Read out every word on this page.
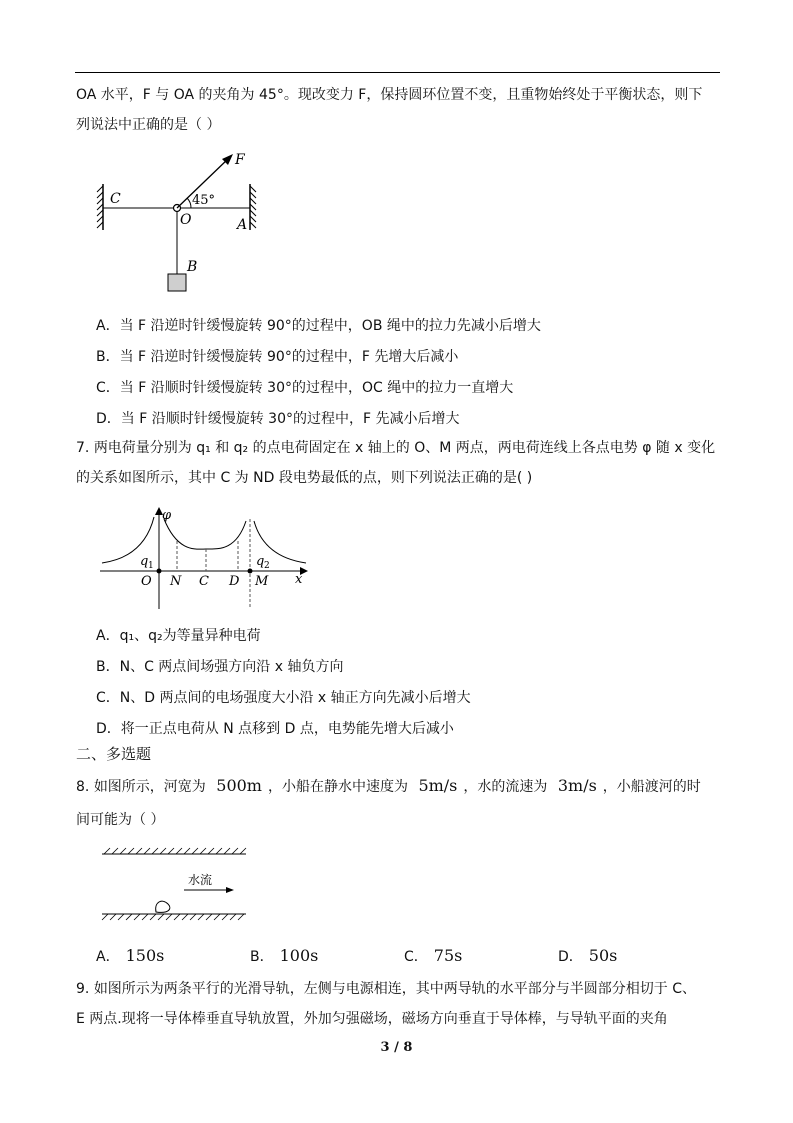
OA 水平，F 与 OA 的夹角为 45°。现改变力 F，保持圆环位置不变，且重物始终处于平衡状态，则下
列说法中正确的是（ ）
C
O	A
B
F
45°
A．当 F 沿逆时针缓慢旋转 90°的过程中，OB 绳中的拉力先减小后增大
B．当 F 沿逆时针缓慢旋转 90°的过程中，F 先增大后减小
C．当 F 沿顺时针缓慢旋转 30°的过程中，OC 绳中的拉力一直增大
D．当 F 沿顺时针缓慢旋转 30°的过程中，F 先减小后增大
7. 两电荷量分别为 q₁ 和 q₂ 的点电荷固定在 x 轴上的 O、M 两点，两电荷连线上各点电势 φ 随 x 变化
的关系如图所示，其中 C 为 ND 段电势最低的点，则下列说法正确的是( )
φ
q 1	q 2
O N C D M x
A．q₁、q₂为等量异种电荷
B．N、C 两点间场强方向沿 x 轴负方向
C．N、D 两点间的电场强度大小沿 x 轴正方向先减小后增大
D．将一正点电荷从 N 点移到 D 点，电势能先增大后减小
二、多选题
8. 如图所示，河宽为 500m ，小船在静水中速度为 5m/s ，水的流速为 3m/s ，小船渡河的时
间可能为（ ）
水流
A． 150s	B． 100s	C． 75s	D． 50s
9. 如图所示为两条平行的光滑导轨，左侧与电源相连，其中两导轨的水平部分与半圆部分相切于 C、
E 两点.现将一导体棒垂直导轨放置，外加匀强磁场，磁场方向垂直于导体棒，与导轨平面的夹角
3 / 8
